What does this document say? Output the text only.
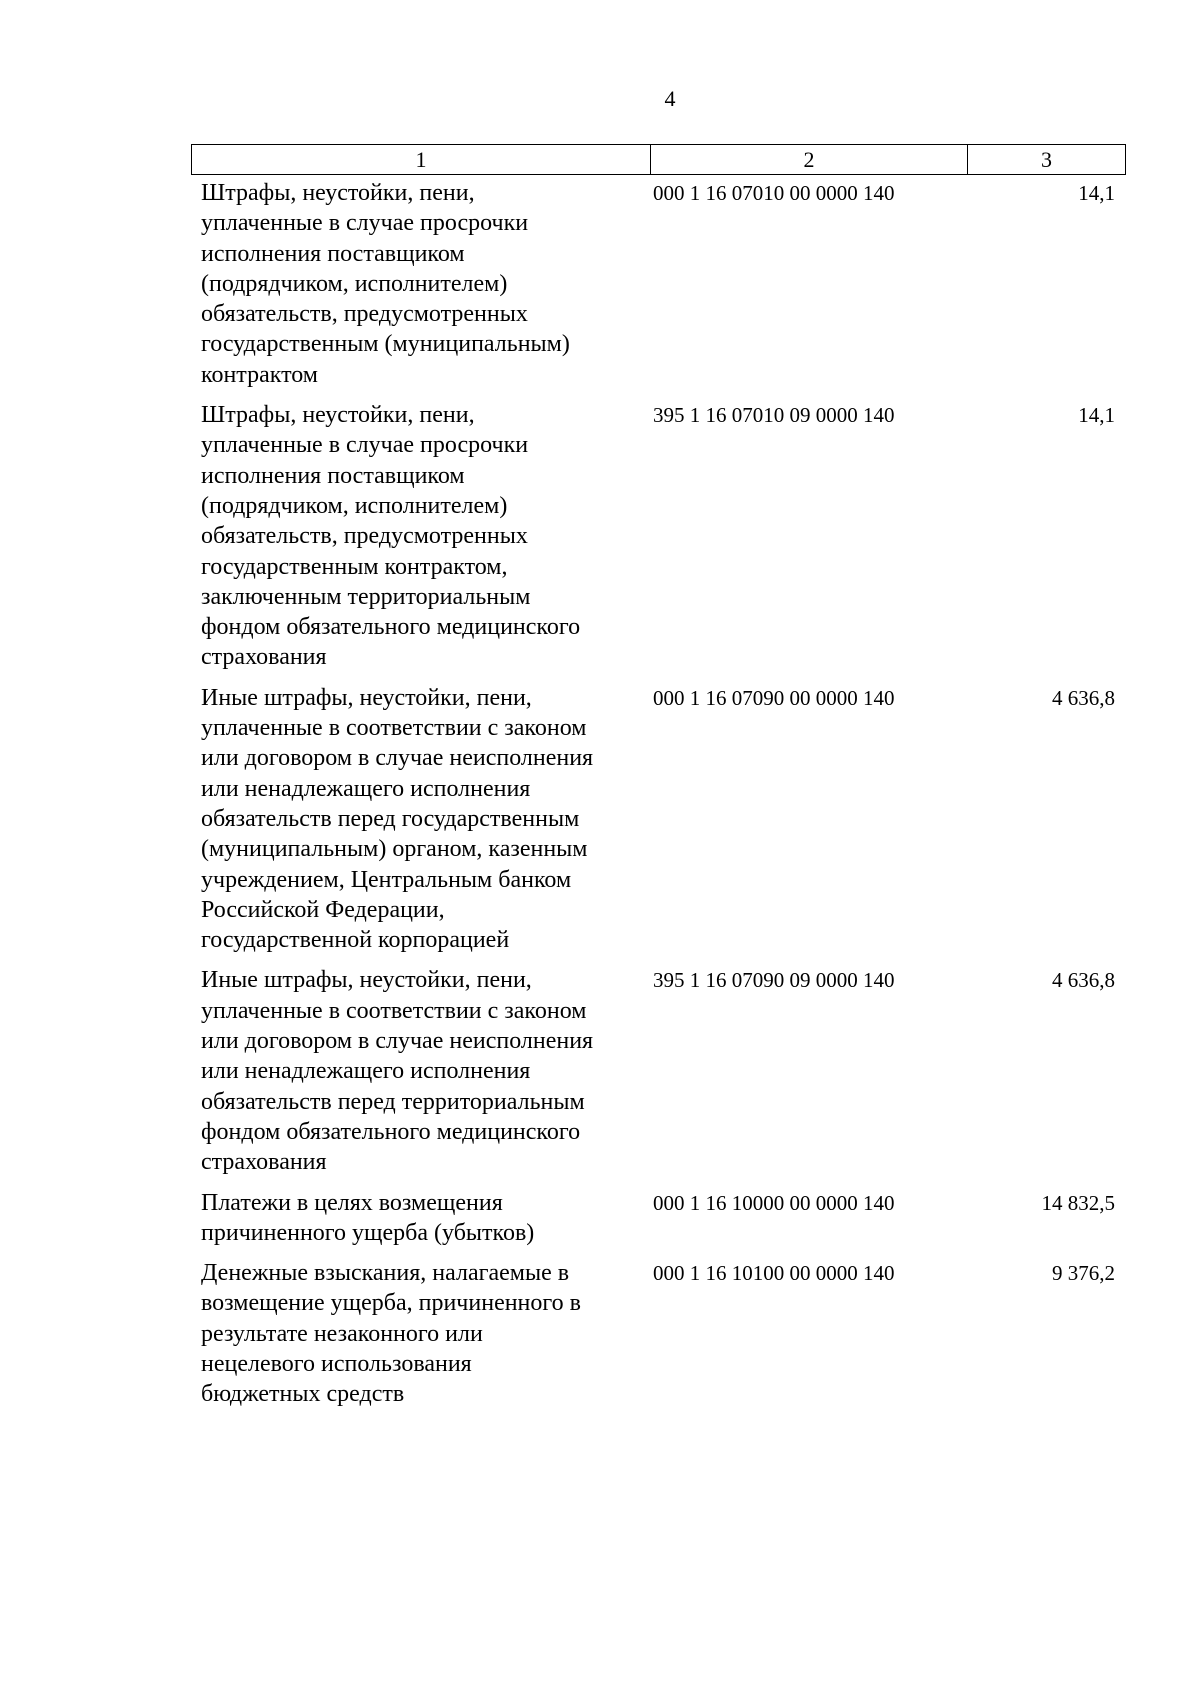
4
1	2	3
Штрафы, неустойки, пени,
уплаченные в случае просрочки
исполнения поставщиком
(подрядчиком, исполнителем)
обязательств, предусмотренных
государственным (муниципальным)
контрактом
000 1 16 07010 00 0000 140	14,1
Штрафы, неустойки, пени,
уплаченные в случае просрочки
исполнения поставщиком
(подрядчиком, исполнителем)
обязательств, предусмотренных
государственным контрактом,
заключенным территориальным
фондом обязательного медицинского
страхования
395 1 16 07010 09 0000 140	14,1
Иные штрафы, неустойки, пени,
уплаченные в соответствии с законом
или договором в случае неисполнения
или ненадлежащего исполнения
обязательств перед государственным
(муниципальным) органом, казенным
учреждением, Центральным банком
Российской Федерации,
государственной корпорацией
000 1 16 07090 00 0000 140	4 636,8
Иные штрафы, неустойки, пени,
уплаченные в соответствии с законом
или договором в случае неисполнения
или ненадлежащего исполнения
обязательств перед территориальным
фондом обязательного медицинского
страхования
395 1 16 07090 09 0000 140	4 636,8
Платежи в целях возмещения
причиненного ущерба (убытков)
000 1 16 10000 00 0000 140	14 832,5
Денежные взыскания, налагаемые в
возмещение ущерба, причиненного в
результате незаконного или
нецелевого использования
бюджетных средств
000 1 16 10100 00 0000 140	9 376,2
